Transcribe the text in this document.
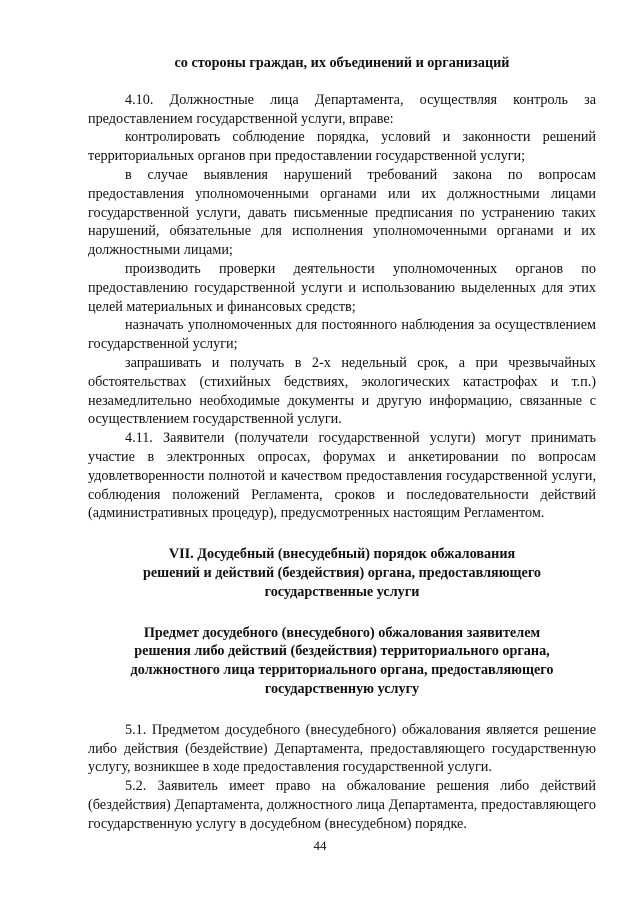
со стороны граждан, их объединений и организаций

4.10. Должностные лица Департамента, осуществляя контроль за предоставлением государственной услуги, вправе:

контролировать соблюдение порядка, условий и законности решений территориальных органов при предоставлении государственной услуги;

в случае выявления нарушений требований закона по вопросам предоставления уполномоченными органами или их должностными лицами государственной услуги, давать письменные предписания по устранению таких нарушений, обязательные для исполнения уполномоченными органами и их должностными лицами;

производить проверки деятельности уполномоченных органов по предоставлению государственной услуги и использованию выделенных для этих целей материальных и финансовых средств;

назначать уполномоченных для постоянного наблюдения за осуществлением государственной услуги;

запрашивать и получать в 2-х недельный срок, а при чрезвычайных обстоятельствах (стихийных бедствиях, экологических катастрофах и т.п.) незамедлительно необходимые документы и другую информацию, связанные с осуществлением государственной услуги.

4.11. Заявители (получатели государственной услуги) могут принимать участие в электронных опросах, форумах и анкетировании по вопросам удовлетворенности полнотой и качеством предоставления государственной услуги, соблюдения положений Регламента, сроков и последовательности действий (административных процедур), предусмотренных настоящим Регламентом.

VII. Досудебный (внесудебный) порядок обжалования

решений и действий (бездействия) органа, предоставляющего

государственные услуги

Предмет досудебного (внесудебного) обжалования заявителем

решения либо действий (бездействия) территориального органа,

должностного лица территориального органа, предоставляющего

государственную услугу

5.1. Предметом досудебного (внесудебного) обжалования является решение либо действия (бездействие) Департамента, предоставляющего государственную услугу, возникшее в ходе предоставления государственной услуги.

5.2. Заявитель имеет право на обжалование решения либо действий (бездействия) Департамента, должностного лица Департамента, предоставляющего государственную услугу в досудебном (внесудебном) порядке.

44
